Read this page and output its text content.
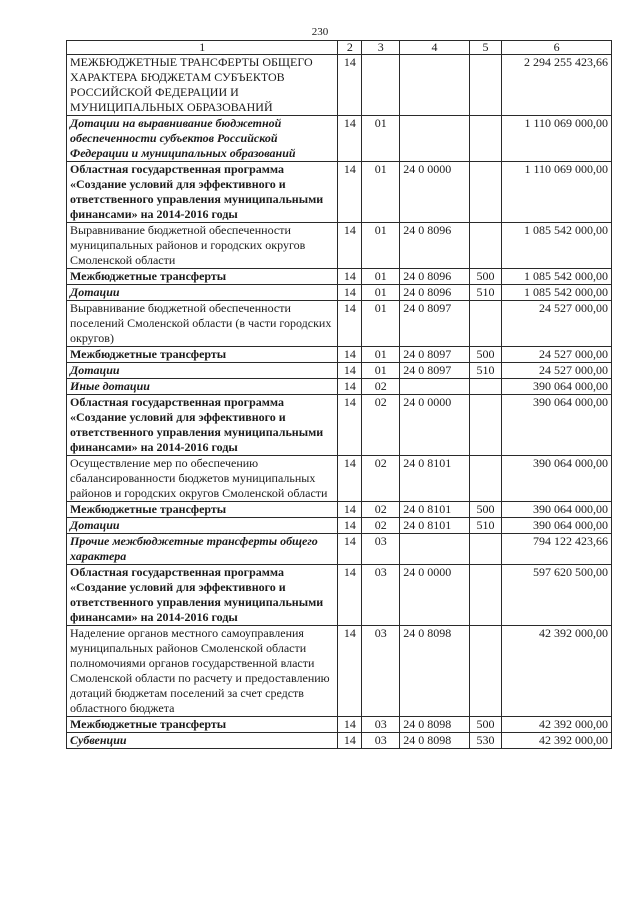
230
1	2	3	4	5	6
МЕЖБЮДЖЕТНЫЕ ТРАНСФЕРТЫ ОБЩЕГО ХАРАКТЕРА БЮДЖЕТАМ СУБЪЕКТОВ РОССИЙСКОЙ ФЕДЕРАЦИИ И МУНИЦИПАЛЬНЫХ ОБРАЗОВАНИЙ	14				2 294 255 423,66
Дотации на выравнивание бюджетной обеспеченности субъектов Российской Федерации и муниципальных образований	14	01			1 110 069 000,00
Областная государственная программа «Создание условий для эффективного и ответственного управления муниципальными финансами» на 2014-2016 годы	14	01	24 0 0000		1 110 069 000,00
Выравнивание бюджетной обеспеченности муниципальных районов и городских округов Смоленской области	14	01	24 0 8096		1 085 542 000,00
Межбюджетные трансферты	14	01	24 0 8096	500	1 085 542 000,00
Дотации	14	01	24 0 8096	510	1 085 542 000,00
Выравнивание бюджетной обеспеченности поселений Смоленской области (в части городских округов)	14	01	24 0 8097		24 527 000,00
Межбюджетные трансферты	14	01	24 0 8097	500	24 527 000,00
Дотации	14	01	24 0 8097	510	24 527 000,00
Иные дотации	14	02			390 064 000,00
Областная государственная программа «Создание условий для эффективного и ответственного управления муниципальными финансами» на 2014-2016 годы	14	02	24 0 0000		390 064 000,00
Осуществление мер по обеспечению сбалансированности бюджетов муниципальных районов и городских округов Смоленской области	14	02	24 0 8101		390 064 000,00
Межбюджетные трансферты	14	02	24 0 8101	500	390 064 000,00
Дотации	14	02	24 0 8101	510	390 064 000,00
Прочие межбюджетные трансферты общего характера	14	03			794 122 423,66
Областная государственная программа «Создание условий для эффективного и ответственного управления муниципальными финансами» на 2014-2016 годы	14	03	24 0 0000		597 620 500,00
Наделение органов местного самоуправления муниципальных районов Смоленской области полномочиями органов государственной власти Смоленской области по расчету и предоставлению дотаций бюджетам поселений за счет средств областного бюджета	14	03	24 0 8098		42 392 000,00
Межбюджетные трансферты	14	03	24 0 8098	500	42 392 000,00
Субвенции	14	03	24 0 8098	530	42 392 000,00
